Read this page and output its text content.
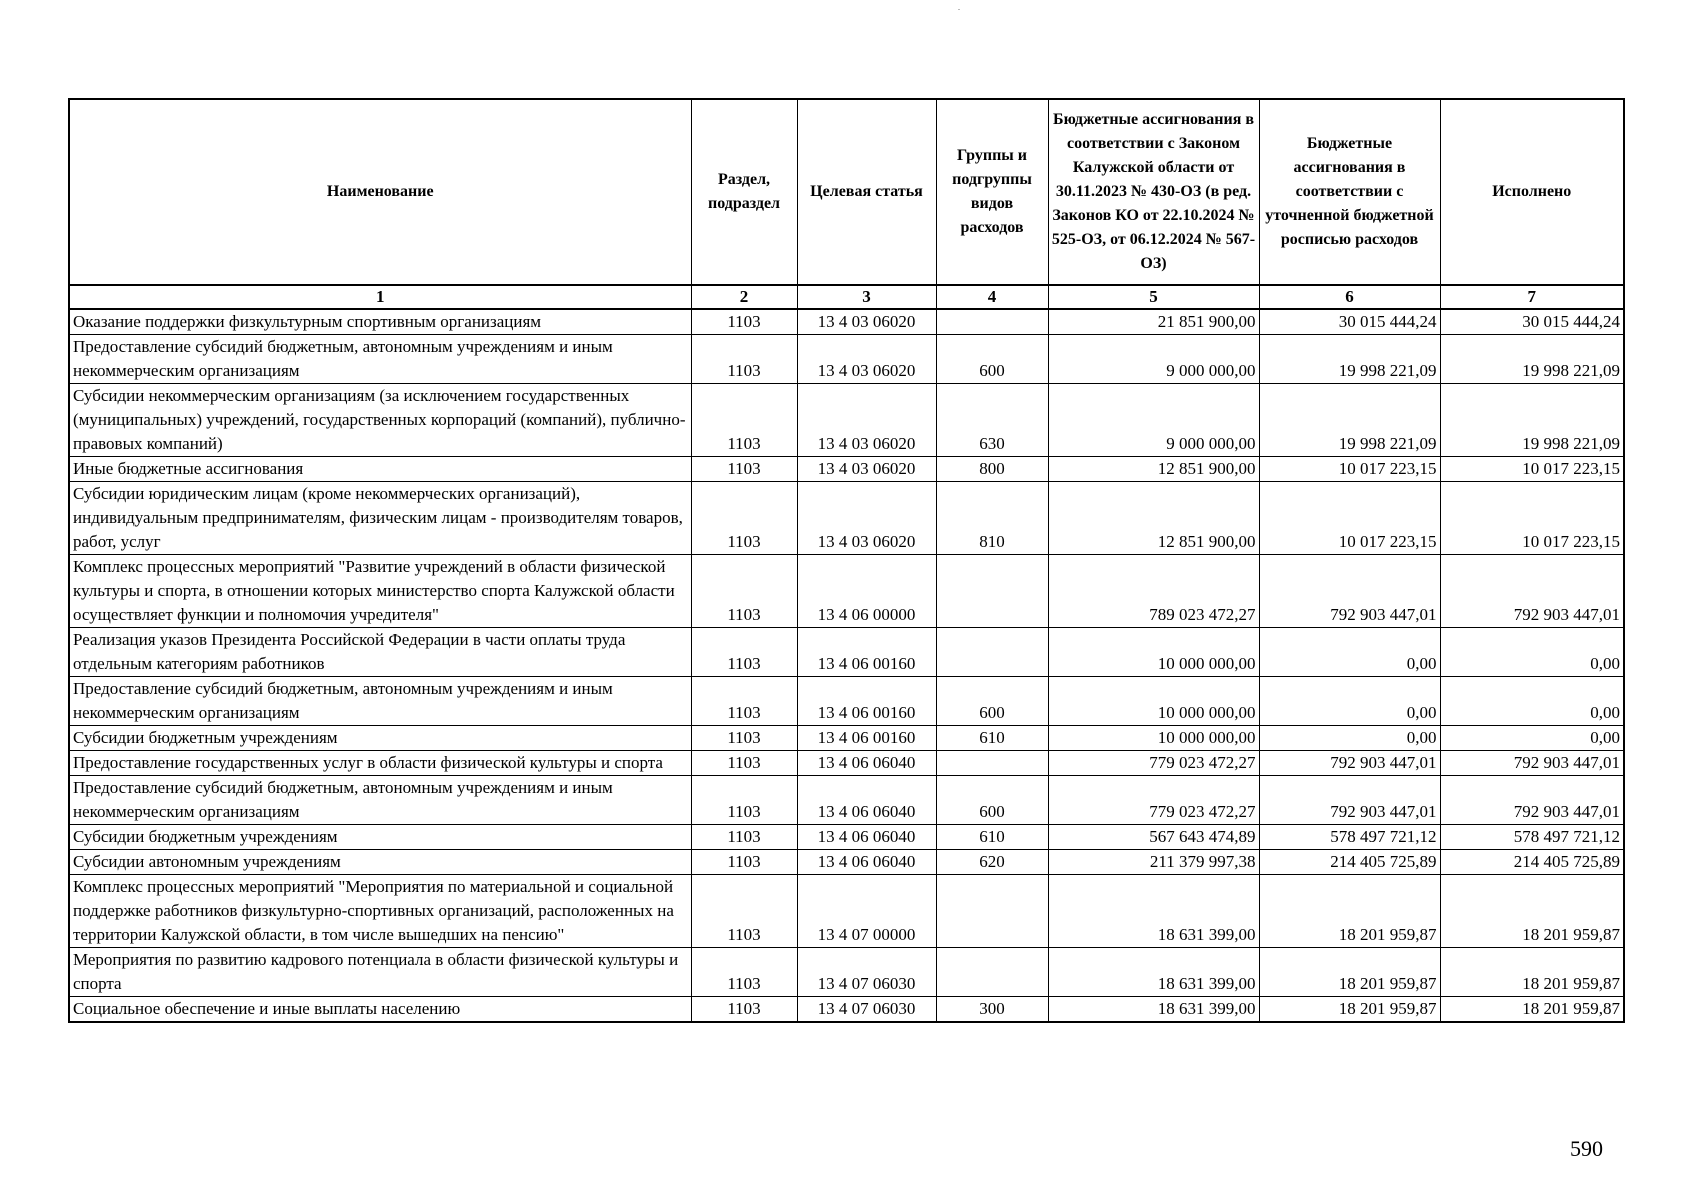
Наименование	Раздел, подраздел	Целевая статья	Группы и подгруппы видов расходов	Бюджетные ассигнования в соответствии с Законом Калужской области от 30.11.2023 № 430-ОЗ (в ред. Законов КО от 22.10.2024 № 525-ОЗ, от 06.12.2024 № 567-ОЗ)	Бюджетные ассигнования в соответствии с уточненной бюджетной росписью расходов	Исполнено
1	2	3	4	5	6	7
Оказание поддержки физкультурным спортивным организациям	1103	13 4 03 06020		21 851 900,00	30 015 444,24	30 015 444,24
Предоставление субсидий бюджетным, автономным учреждениям и иным некоммерческим организациям	1103	13 4 03 06020	600	9 000 000,00	19 998 221,09	19 998 221,09
Субсидии некоммерческим организациям (за исключением государственных (муниципальных) учреждений, государственных корпораций (компаний), публично-правовых компаний)	1103	13 4 03 06020	630	9 000 000,00	19 998 221,09	19 998 221,09
Иные бюджетные ассигнования	1103	13 4 03 06020	800	12 851 900,00	10 017 223,15	10 017 223,15
Субсидии юридическим лицам (кроме некоммерческих организаций), индивидуальным предпринимателям, физическим лицам - производителям товаров, работ, услуг	1103	13 4 03 06020	810	12 851 900,00	10 017 223,15	10 017 223,15
Комплекс процессных мероприятий "Развитие учреждений в области физической культуры и спорта, в отношении которых министерство спорта Калужской области осуществляет функции и полномочия учредителя"	1103	13 4 06 00000		789 023 472,27	792 903 447,01	792 903 447,01
Реализация указов Президента Российской Федерации в части оплаты труда отдельным категориям работников	1103	13 4 06 00160		10 000 000,00	0,00	0,00
Предоставление субсидий бюджетным, автономным учреждениям и иным некоммерческим организациям	1103	13 4 06 00160	600	10 000 000,00	0,00	0,00
Субсидии бюджетным учреждениям	1103	13 4 06 00160	610	10 000 000,00	0,00	0,00
Предоставление государственных услуг в области физической культуры и спорта	1103	13 4 06 06040		779 023 472,27	792 903 447,01	792 903 447,01
Предоставление субсидий бюджетным, автономным учреждениям и иным некоммерческим организациям	1103	13 4 06 06040	600	779 023 472,27	792 903 447,01	792 903 447,01
Субсидии бюджетным учреждениям	1103	13 4 06 06040	610	567 643 474,89	578 497 721,12	578 497 721,12
Субсидии автономным учреждениям	1103	13 4 06 06040	620	211 379 997,38	214 405 725,89	214 405 725,89
Комплекс процессных мероприятий "Мероприятия по материальной и социальной поддержке работников физкультурно-спортивных организаций, расположенных на территории Калужской области, в том числе вышедших на пенсию"	1103	13 4 07 00000		18 631 399,00	18 201 959,87	18 201 959,87
Мероприятия по развитию кадрового потенциала в области физической культуры и спорта	1103	13 4 07 06030		18 631 399,00	18 201 959,87	18 201 959,87
Социальное обеспечение и иные выплаты населению	1103	13 4 07 06030	300	18 631 399,00	18 201 959,87	18 201 959,87
590
